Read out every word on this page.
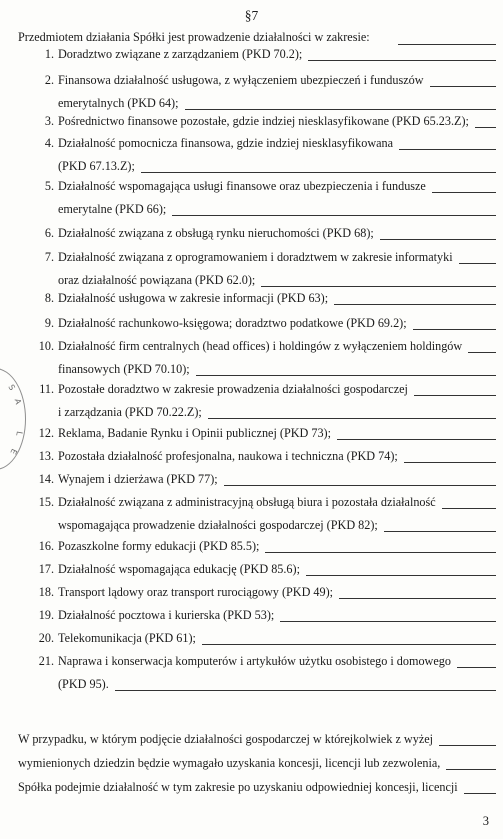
§7
Przedmiotem działania Spółki jest prowadzenie działalności w zakresie:
1. Doradztwo związane z zarządzaniem (PKD 70.2);
2. Finansowa działalność usługowa, z wyłączeniem ubezpieczeń i funduszów
emerytalnych (PKD 64);
3. Pośrednictwo finansowe pozostałe, gdzie indziej niesklasyfikowane (PKD 65.23.Z);
4. Działalność pomocnicza finansowa, gdzie indziej niesklasyfikowana
(PKD 67.13.Z);
5. Działalność wspomagająca usługi finansowe oraz ubezpieczenia i fundusze
emerytalne (PKD 66);
6. Działalność związana z obsługą rynku nieruchomości (PKD 68);
7. Działalność związana z oprogramowaniem i doradztwem w zakresie informatyki
oraz działalność powiązana (PKD 62.0);
8. Działalność usługowa w zakresie informacji (PKD 63);
9. Działalność rachunkowo-księgowa; doradztwo podatkowe (PKD 69.2);
10. Działalność firm centralnych (head offices) i holdingów z wyłączeniem holdingów
finansowych (PKD 70.10);
11. Pozostałe doradztwo w zakresie prowadzenia działalności gospodarczej
i zarządzania (PKD 70.22.Z);
12. Reklama, Badanie Rynku i Opinii publicznej (PKD 73);
13. Pozostała działalność profesjonalna, naukowa i techniczna (PKD 74);
14. Wynajem i dzierżawa (PKD 77);
15. Działalność związana z administracyjną obsługą biura i pozostała działalność
wspomagająca prowadzenie działalności gospodarczej (PKD 82);
16. Pozaszkolne formy edukacji (PKD 85.5);
17. Działalność wspomagająca edukację (PKD 85.6);
18. Transport lądowy oraz transport rurociągowy (PKD 49);
19. Działalność pocztowa i kurierska (PKD 53);
20. Telekomunikacja (PKD 61);
21. Naprawa i konserwacja komputerów i artykułów użytku osobistego i domowego
(PKD 95).
W przypadku, w którym podjęcie działalności gospodarczej w którejkolwiek z wyżej
wymienionych dziedzin będzie wymagało uzyskania koncesji, licencji lub zezwolenia,
Spółka podejmie działalność w tym zakresie po uzyskaniu odpowiedniej koncesji, licencji
S
A
L
E
3
